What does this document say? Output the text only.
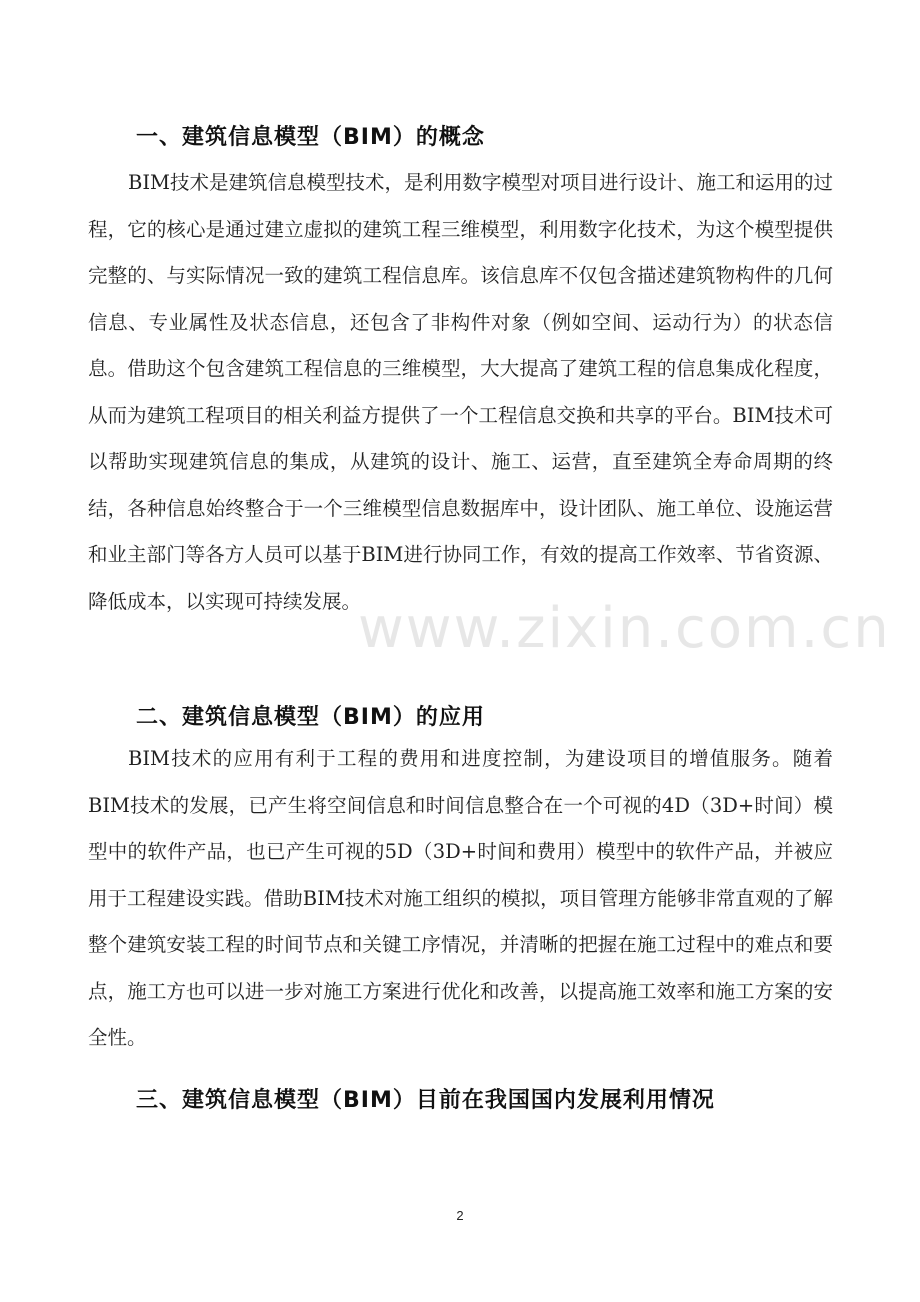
一、建筑信息模型（BIM）的概念
BIM技术是建筑信息模型技术，是利用数字模型对项目进行设计、施工和运用的过程，它的核心是通过建立虚拟的建筑工程三维模型，利用数字化技术，为这个模型提供完整的、与实际情况一致的建筑工程信息库。该信息库不仅包含描述建筑物构件的几何信息、专业属性及状态信息，还包含了非构件对象（例如空间、运动行为）的状态信息。借助这个包含建筑工程信息的三维模型，大大提高了建筑工程的信息集成化程度，从而为建筑工程项目的相关利益方提供了一个工程信息交换和共享的平台。BIM技术可以帮助实现建筑信息的集成，从建筑的设计、施工、运营，直至建筑全寿命周期的终结，各种信息始终整合于一个三维模型信息数据库中，设计团队、施工单位、设施运营和业主部门等各方人员可以基于BIM进行协同工作，有效的提高工作效率、节省资源、降低成本，以实现可持续发展。
二、建筑信息模型（BIM）的应用
BIM技术的应用有利于工程的费用和进度控制，为建设项目的增值服务。随着BIM技术的发展，已产生将空间信息和时间信息整合在一个可视的4D（3D+时间）模型中的软件产品，也已产生可视的5D（3D+时间和费用）模型中的软件产品，并被应用于工程建设实践。借助BIM技术对施工组织的模拟，项目管理方能够非常直观的了解整个建筑安装工程的时间节点和关键工序情况，并清晰的把握在施工过程中的难点和要点，施工方也可以进一步对施工方案进行优化和改善，以提高施工效率和施工方案的安全性。
三、建筑信息模型（BIM）目前在我国国内发展利用情况
www.zixin.com.cn
2
